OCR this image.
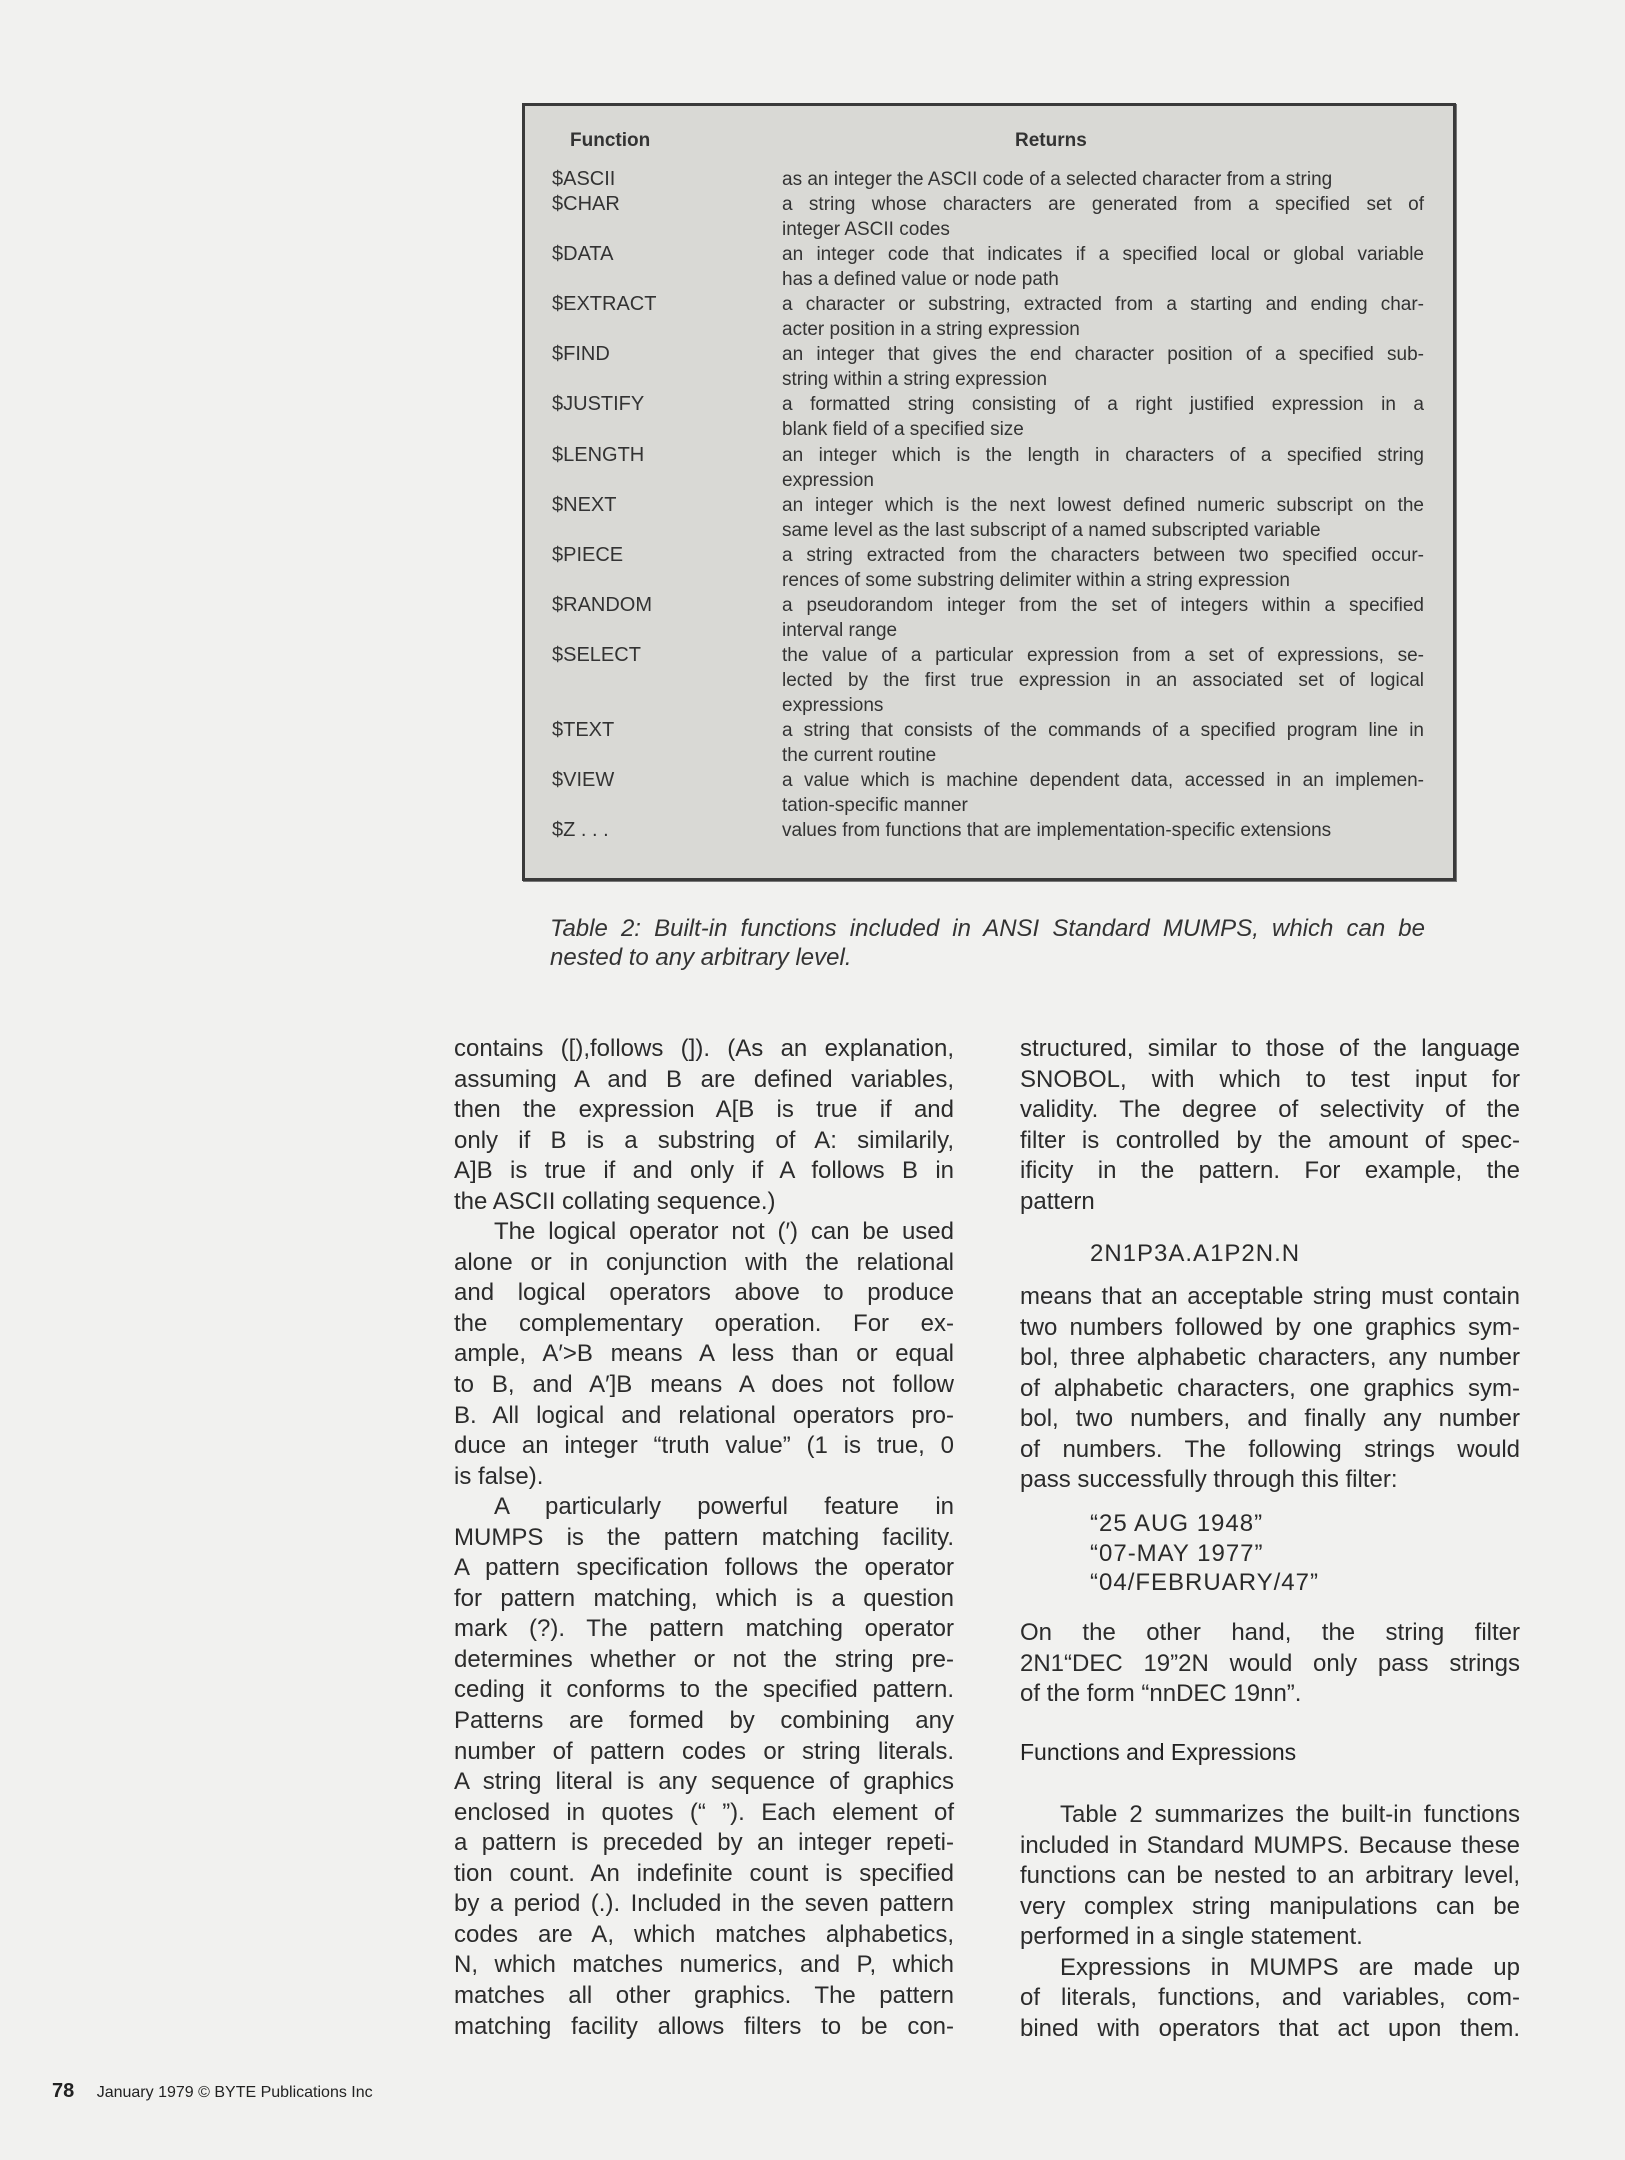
Function	Returns
$ASCII	as an integer the ASCII code of a selected character from a string
$CHAR	a string whose characters are generated from a specified set of
integer ASCII codes
$DATA	an integer code that indicates if a specified local or global variable
has a defined value or node path
$EXTRACT	a character or substring, extracted from a starting and ending char-
acter position in a string expression
$FIND	an integer that gives the end character position of a specified sub-
string within a string expression
$JUSTIFY	a formatted string consisting of a right justified expression in a
blank field of a specified size
$LENGTH	an integer which is the length in characters of a specified string
expression
$NEXT	an integer which is the next lowest defined numeric subscript on the
same level as the last subscript of a named subscripted variable
$PIECE	a string extracted from the characters between two specified occur-
rences of some substring delimiter within a string expression
$RANDOM	a pseudorandom integer from the set of integers within a specified
interval range
$SELECT	the value of a particular expression from a set of expressions, se-
lected by the first true expression in an associated set of logical
expressions
$TEXT	a string that consists of the commands of a specified program line in
the current routine
$VIEW	a value which is machine dependent data, accessed in an implemen-
tation-specific manner
$Z . . .	values from functions that are implementation-specific extensions
Table 2: Built-in functions included in ANSI Standard MUMPS, which can be
nested to any arbitrary level.
contains ([),follows (]). (As an explanation,
assuming A and B are defined variables,
then the expression A[B is true if and
only if B is a substring of A: similarily,
A]B is true if and only if A follows B in
the ASCII collating sequence.)
The logical operator not (′) can be used
alone or in conjunction with the relational
and logical operators above to produce
the complementary operation. For ex-
ample, A′>B means A less than or equal
to B, and A′]B means A does not follow
B. All logical and relational operators pro-
duce an integer “truth value” (1 is true, 0
is false).
A particularly powerful feature in
MUMPS is the pattern matching facility.
A pattern specification follows the operator
for pattern matching, which is a question
mark (?). The pattern matching operator
determines whether or not the string pre-
ceding it conforms to the specified pattern.
Patterns are formed by combining any
number of pattern codes or string literals.
A string literal is any sequence of graphics
enclosed in quotes (“ ”). Each element of
a pattern is preceded by an integer repeti-
tion count. An indefinite count is specified
by a period (.). Included in the seven pattern
codes are A, which matches alphabetics,
N, which matches numerics, and P, which
matches all other graphics. The pattern
matching facility allows filters to be con-
structured, similar to those of the language
SNOBOL, with which to test input for
validity. The degree of selectivity of the
filter is controlled by the amount of spec-
ificity in the pattern. For example, the
pattern
2N1P3A.A1P2N.N
means that an acceptable string must contain
two numbers followed by one graphics sym-
bol, three alphabetic characters, any number
of alphabetic characters, one graphics sym-
bol, two numbers, and finally any number
of numbers. The following strings would
pass successfully through this filter:
“25 AUG 1948”
“07-MAY 1977”
“04/FEBRUARY/47”
On the other hand, the string filter
2N1“DEC 19”2N would only pass strings
of the form “nnDEC 19nn”.
Functions and Expressions
Table 2 summarizes the built-in functions
included in Standard MUMPS. Because these
functions can be nested to an arbitrary level,
very complex string manipulations can be
performed in a single statement.
Expressions in MUMPS are made up
of literals, functions, and variables, com-
bined with operators that act upon them.
78 January 1979 © BYTE Publications Inc
